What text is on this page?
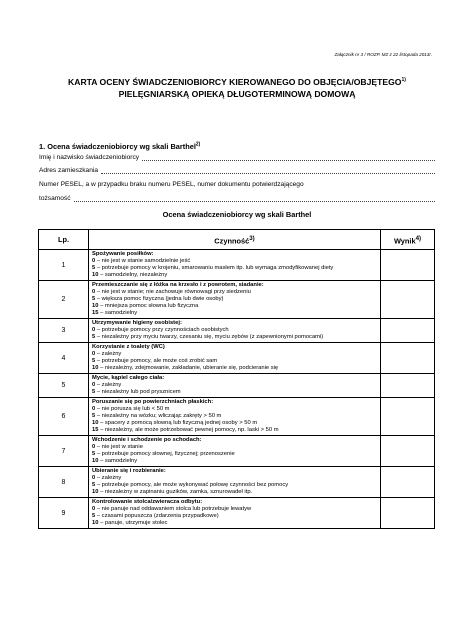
Załącznik nr 3 / ROZP. MZ z 22 listopada 2013r.
KARTA OCENY ŚWIADCZENIOBIORCY KIEROWANEGO DO OBJĘCIA/OBJĘTEGO$^{1)}$
PIELĘGNIARSKĄ OPIEKĄ DŁUGOTERMINOWĄ DOMOWĄ
1. Ocena świadczeniobiorcy wg skali Barthel$^{2)}$
Imię i nazwisko świadczeniobiorcy
Adres zamieszkania
Numer PESEL, a w przypadku braku numeru PESEL, numer dokumentu potwierdzającego
tożsamość
Ocena świadczeniobiorcy wg skali Barthel
Lp.	Czynność$^{3)}$	Wynik$^{4)}$
1	Spożywanie posiłków:
0 – nie jest w stanie samodzielnie jeść
5 – potrzebuje pomocy w krojeniu, smarowaniu masłem itp. lub wymaga zmodyfikowanej diety
10 – samodzielny, niezależny	

2	Przemieszczanie się z łóżka na krzesło i z powrotem, siadanie:
0 – nie jest w stanie; nie zachowuje równowagi przy siedzeniu
5 – większa pomoc fizyczna (jedna lub dwie osoby)
10 – mniejsza pomoc słowna lub fizyczna
15 – samodzielny	

3	Utrzymywanie higieny osobistej:
0 – potrzebuje pomocy przy czynnościach osobistych
5 – niezależny przy myciu twarzy, czesaniu się, myciu zębów (z zapewnionymi pomocami)	

4	Korzystanie z toalety (WC)
0 – zależny
5 – potrzebuje pomocy, ale może coś zrobić sam
10 – niezależny, zdejmowanie, zakładanie, ubieranie się, podcieranie się	

5	Mycie, kąpiel całego ciała:
0 – zależny
5 – niezależny lub pod prysznicem	

6	Poruszanie się po powierzchniach płaskich:
0 – nie porusza się lub < 50 m
5 – niezależny na wózku; wliczając zakręty > 50 m
10 – spacery z pomocą słowną lub fizyczną jednej osoby > 50 m
15 – niezależny, ale może potrzebować pewnej pomocy, np. laski > 50 m	

7	Wchodzenie i schodzenie po schodach:
0 – nie jest w stanie
5 – potrzebuje pomocy słownej, fizycznej; przenoszenie
10 – samodzielny	

8	Ubieranie się i rozbieranie:
0 – zależny
5 – potrzebuje pomocy, ale może wykonywać połowę czynności bez pomocy
10 – niezależny w zapinaniu guzików, zamka, sznurowadeł itp.	

9	Kontrolowanie stolca/zwieracza odbytu:
0 – nie panuje nad oddawaniem stolca lub potrzebuje lewatyw
5 – czasami popuszcza (zdarzenia przypadkowe)
10 – panuje, utrzymuje stolec	
